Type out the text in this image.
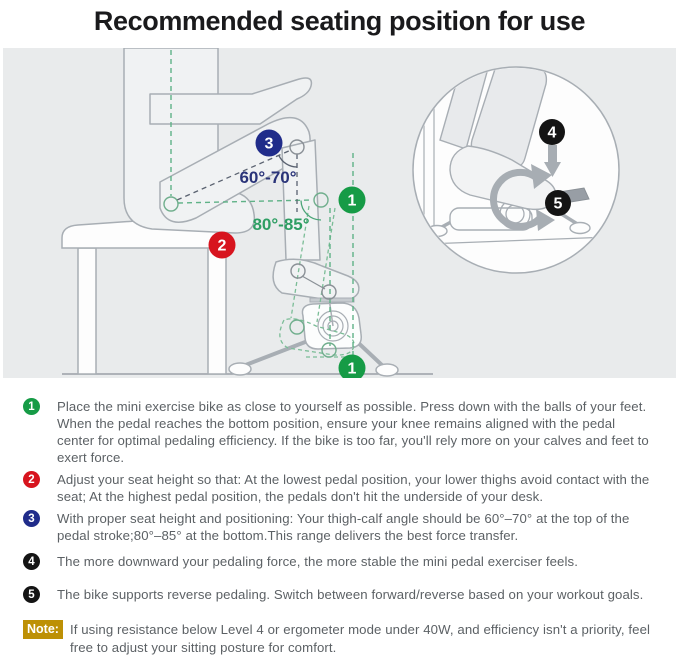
Recommended seating position for use
60°-70°
80°-85°
3
1
2
1
4
5
1	Place the mini exercise bike as close to yourself as possible. Press down with the balls of your feet. When the pedal reaches the bottom position, ensure your knee remains aligned with the pedal center for optimal pedaling efficiency. If the bike is too far, you'll rely more on your calves and feet to exert force.
2	Adjust your seat height so that: At the lowest pedal position, your lower thighs avoid contact with the seat; At the highest pedal position, the pedals don't hit the underside of your desk.
3	With proper seat height and positioning: Your thigh-calf angle should be 60°–70° at the top of the pedal stroke;80°–85° at the bottom.This range delivers the best force transfer.
4	The more downward your pedaling force, the more stable the mini pedal exerciser feels.
5	The bike supports reverse pedaling. Switch between forward/reverse based on your workout goals.
Note: If using resistance below Level 4 or ergometer mode under 40W, and efficiency isn't a priority, feel free to adjust your sitting posture for comfort.
